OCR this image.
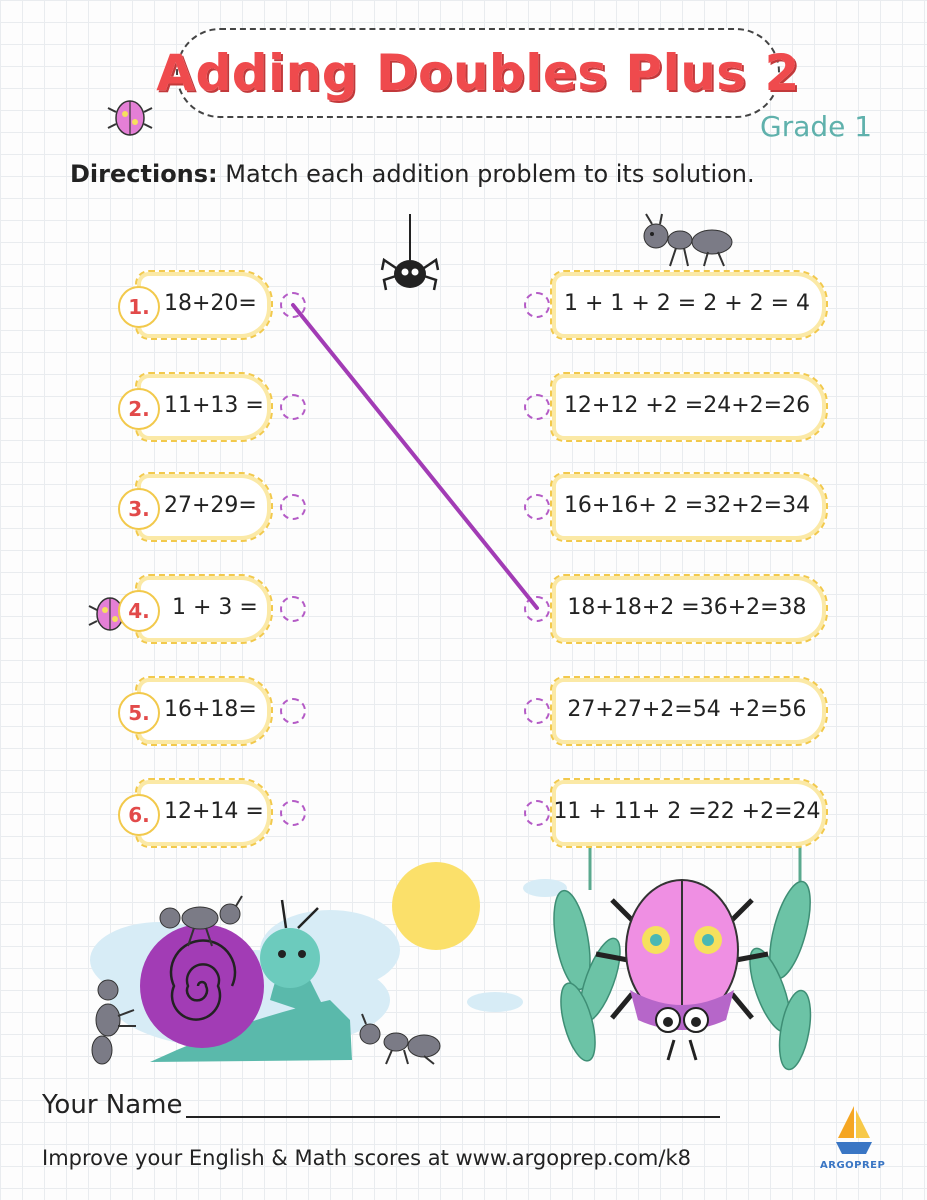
Adding Doubles Plus 2
Grade 1
Directions: Match each addition problem to its solution.
1. 18+20=
2. 11+13 =
3. 27+29=
4.	1 + 3 =
5. 16+18=
6. 12+14 =
1 + 1 + 2 = 2 + 2 = 4
12+12 +2 =24+2=26
16+16+ 2 =32+2=34
18+18+2 =36+2=38
27+27+2=54 +2=56
11 + 11+ 2 =22 +2=24
Your Name
Improve your English & Math scores at www.argoprep.com/k8	ARGOPREP
